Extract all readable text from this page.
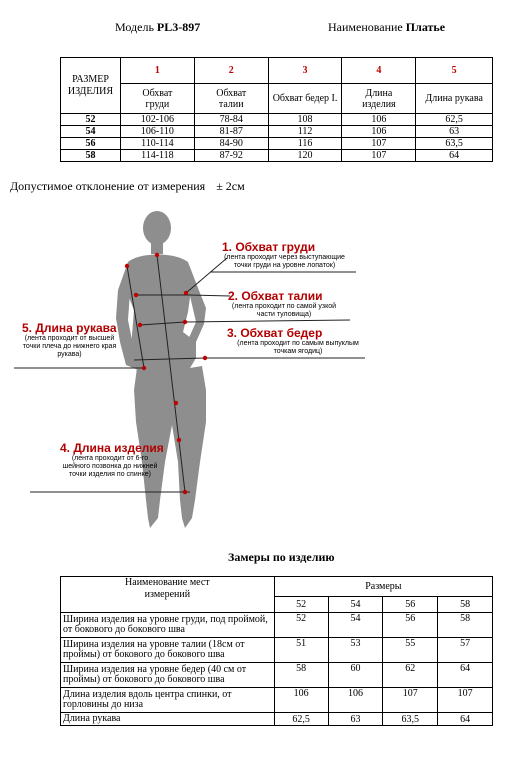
Модель PL3-897	Наименование Платье
РАЗМЕР ИЗДЕЛИЯ	1	2	3	4	5
	Обхват груди	Обхват талии	Обхват бедер I.	Длина изделия	Длина рукава
52	102-106	78-84	108	106	62,5
54	106-110	81-87	112	106	63
56	110-114	84-90	116	107	63,5
58	114-118	87-92	120	107	64
Допустимое отклонение от измерения ± 2см
1. Обхват груди
(лента проходит через выступающие точки груди на уровне лопаток)
2. Обхват талии
(лента проходит по самой узкой части туловища)
3. Обхват бедер
(лента проходит по самым выпуклым точкам ягодиц)
5. Длина рукава
(лента проходит от высшей точки плеча до нижнего края рукава)
4. Длина изделия
(лента проходит от 6-го шейного позвонка до нижней точки изделия по спинке)
Замеры по изделию
Наименование мест измерений	Размеры			
	52	54	56	58
Ширина изделия на уровне груди, под проймой, от бокового до бокового шва	52	54	56	58
Ширина изделия на уровне талии (18см от проймы) от бокового до бокового шва	51	53	55	57
Ширина изделия на уровне бедер (40 см от проймы) от бокового до бокового шва	58	60	62	64
Длина изделия вдоль центра спинки, от горловины до низа	106	106	107	107
Длина рукава	62,5	63	63,5	64
